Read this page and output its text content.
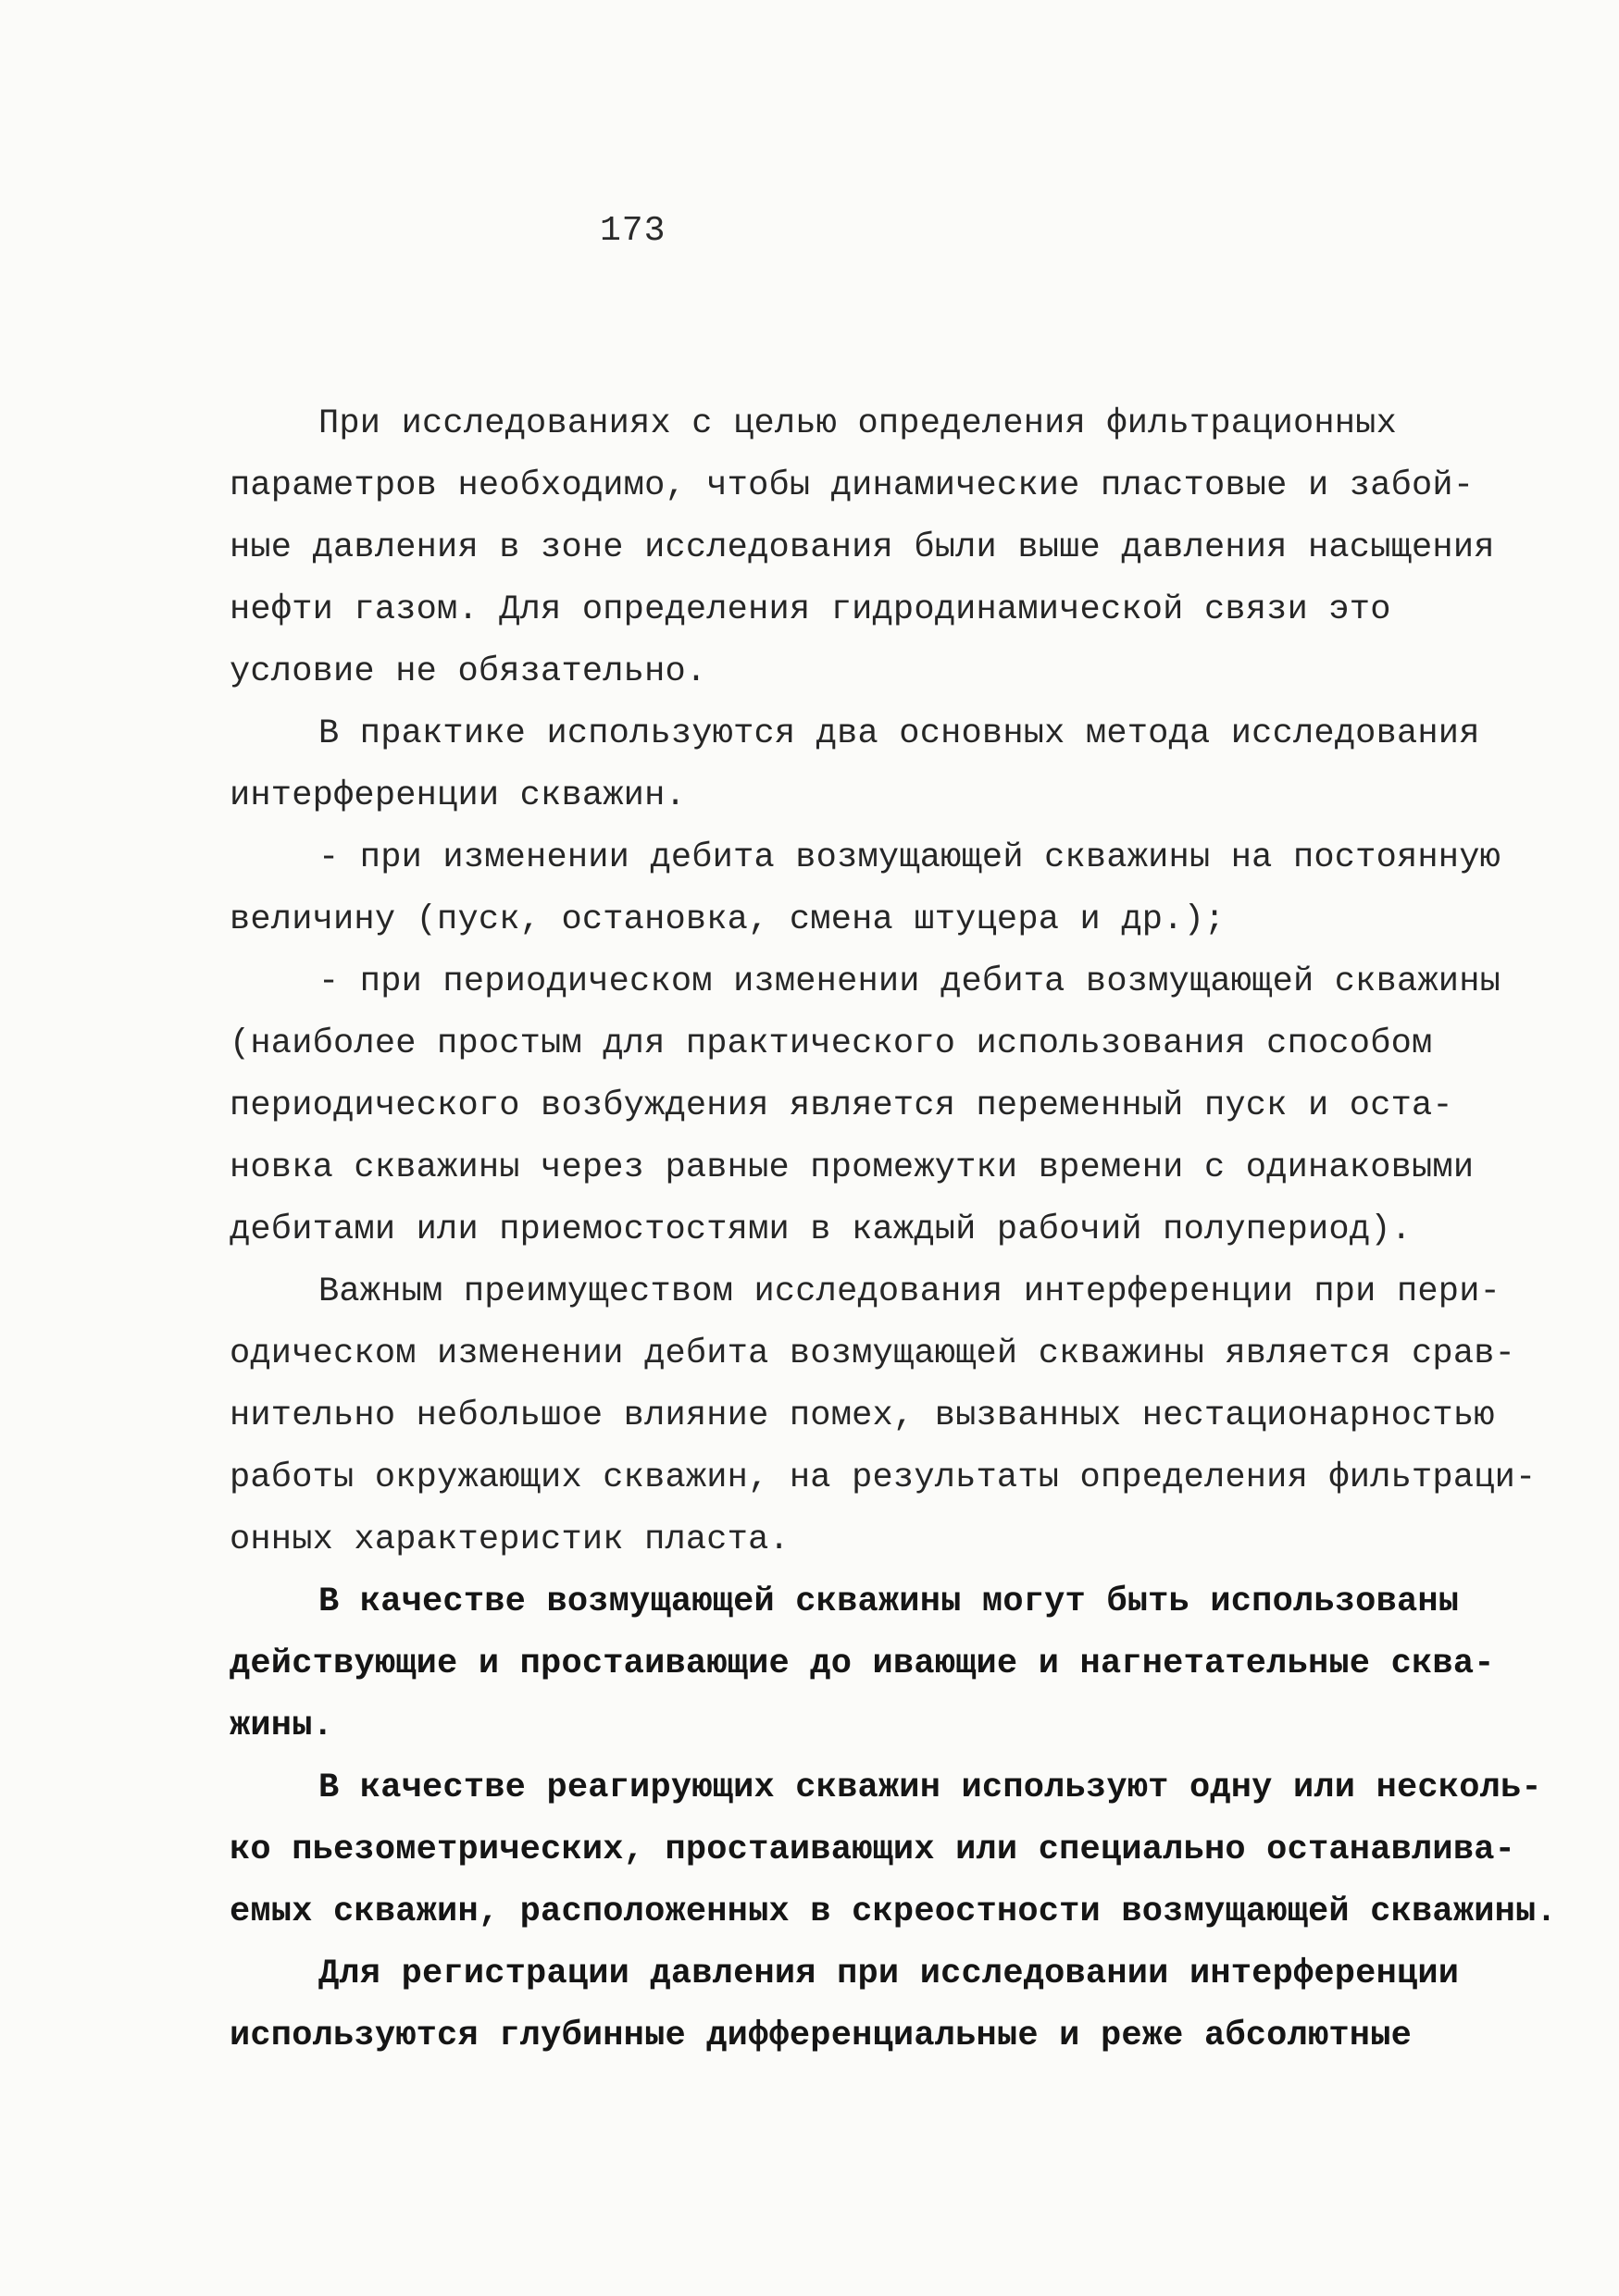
173
При исследованиях с целью определения фильтрационных
параметров необходимо, чтобы динамические пластовые и забой-
ные давления в зоне исследования были выше давления насыщения
нефти газом. Для определения гидродинамической связи это
условие не обязательно.
В практике используются два основных метода исследования
интерференции скважин.
- при изменении дебита возмущающей скважины на постоянную
величину (пуск, остановка, смена штуцера и др.);
- при периодическом изменении дебита возмущающей скважины
(наиболее простым для практического использования способом
периодического возбуждения является переменный пуск и оста-
новка скважины через равные промежутки времени с одинаковыми
дебитами или приемостостями в каждый рабочий полупериод).
Важным преимуществом исследования интерференции при пери-
одическом изменении дебита возмущающей скважины является срав-
нительно небольшое влияние помех, вызванных нестационарностью
работы окружающих скважин, на результаты определения фильтраци-
онных характеристик пласта.
В качестве возмущающей скважины могут быть использованы
действующие и простаивающие до ивающие и нагнетательные сква-
жины.
В качестве реагирующих скважин используют одну или несколь-
ко пьезометрических, простаивающих или специально останавлива-
емых скважин, расположенных в скреостности возмущающей скважины.
Для регистрации давления при исследовании интерференции
используются глубинные дифференциальные и реже абсолютные
